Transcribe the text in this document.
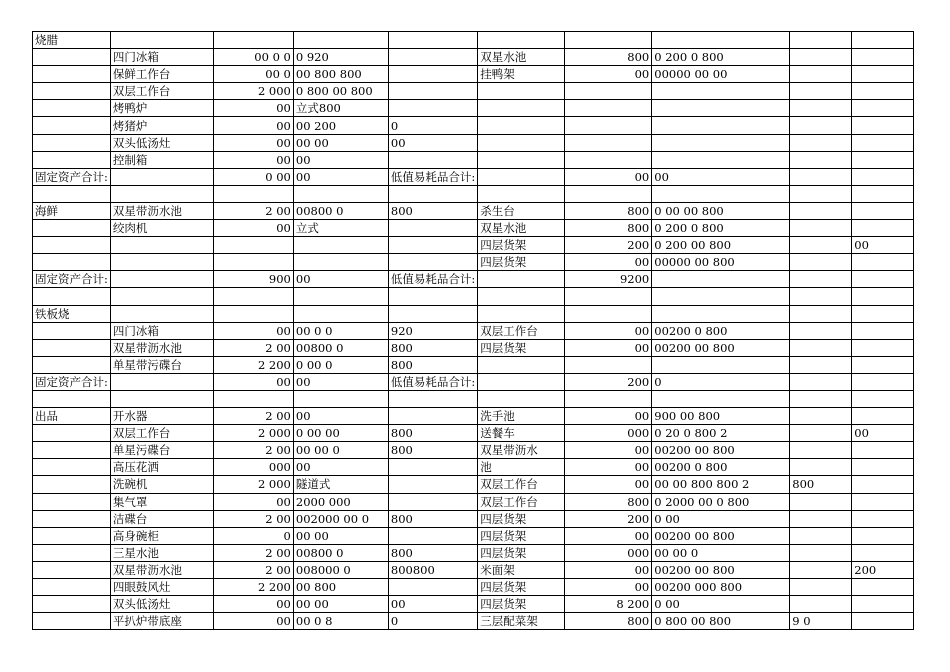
烧腊									
	四门冰箱	00 0 0	0 920		双星水池	800	0 200 0 800		
	保鲜工作台	00 0	00 800 800		挂鸭架	00	00000 00 00		
	双层工作台	2 000	0 800 00 800						
	烤鸭炉	00	立式800						
	烤猪炉	00	00 200	0					
	双头低汤灶	00	00 00	00					
	控制箱	00	00						
固定资产合计:		0 00	00	低值易耗品合计:		00	00		

海鲜	双星带沥水池	2 00	00800 0	800	杀生台	800	0 00 00 800		
	绞肉机	00	立式		双星水池	800	0 200 0 800		
					四层货架	200	0 200 00 800		00
					四层货架	00	00000 00 800		
固定资产合计:		900	00	低值易耗品合计:		9200			

铁板烧									
	四门冰箱	00	00 0 0	920	双层工作台	00	00200 0 800		
	双星带沥水池	2 00	00800 0	800	四层货架	00	00200 00 800		
	单星带污碟台	2 200	0 00 0	800					
固定资产合计:		00	00	低值易耗品合计:		200	0		

出品	开水器	2 00	00		洗手池	00	900 00 800		
	双层工作台	2 000	0 00 00	800	送餐车	000	0 20 0 800 2		00
	单星污碟台	2 00	00 00 0	800	双星带沥水	00	00200 00 800		
	高压花洒	000	00		池	00	00200 0 800		
	洗碗机	2 000	隧道式		双层工作台	00	00 00 800 800 2	800	
	集气罩	00	2000 000		双层工作台	800	0 2000 00 0 800		
	洁碟台	2 00	002000 00 0	800	四层货架	200	0 00		
	高身碗柜	0	00 00		四层货架	00	00200 00 800		
	三星水池	2 00	00800 0	800	四层货架	000	00 00 0		
	双星带沥水池	2 00	008000 0	800800	米面架	00	00200 00 800		200
	四眼鼓风灶	2 200	00 800		四层货架	00	00200 000 800		
	双头低汤灶	00	00 00	00	四层货架	8 200	0 00		
	平扒炉带底座	00	00 0 8	0	三层配菜架	800	0 800 00 800	9 0	
